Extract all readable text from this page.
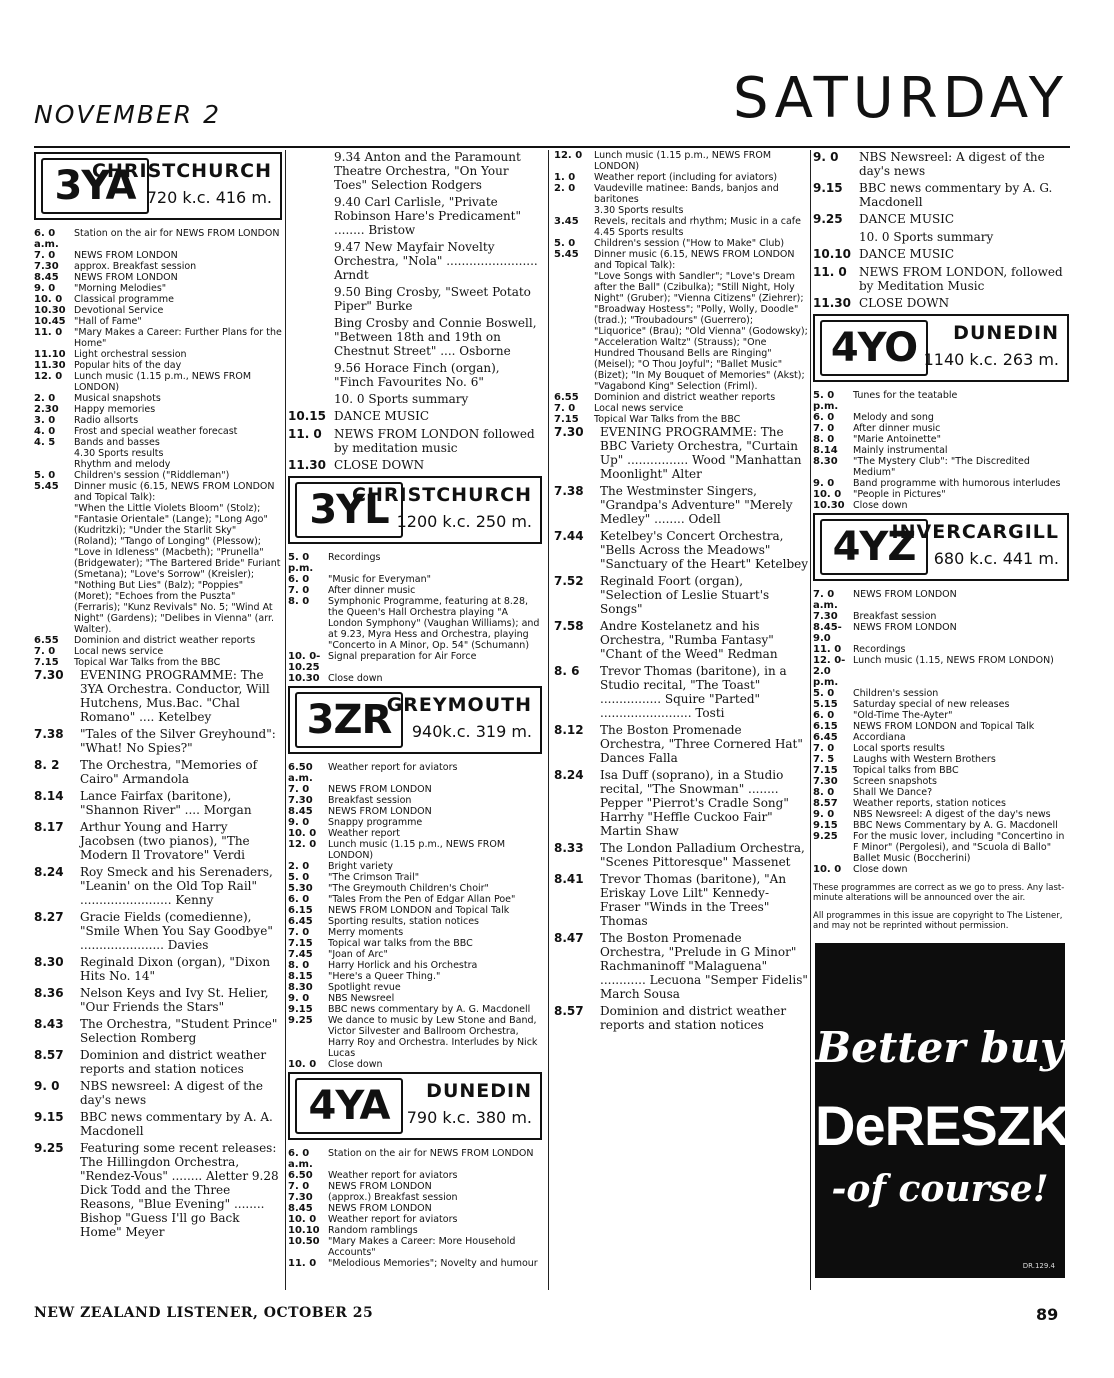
NOVEMBER 2	SATURDAY
3YA
CHRISTCHURCH
720 k.c. 416 m.
6. 0 a.m.
Station on the air for NEWS FROM LONDON
7. 0	NEWS FROM LONDON
7.30	approx. Breakfast session
8.45	NEWS FROM LONDON
9. 0	"Morning Melodies"
10. 0	Classical programme
10.30 Devotional Service
10.45 "Hall of Fame"
11. 0	"Mary Makes a Career: Further Plans for the Home"
11.10 Light orchestral session
11.30 Popular hits of the day
12. 0	Lunch music (1.15 p.m., NEWS FROM LONDON)
2. 0	Musical snapshots
2.30	Happy memories
3. 0	Radio allsorts
4. 0	Frost and special weather forecast
4. 5	Bands and basses
4.30 Sports results
Rhythm and melody
5. 0	Children's session ("Riddleman")
5.45	Dinner music (6.15, NEWS FROM LONDON and Topical Talk):
"When the Little Violets Bloom" (Stolz); "Fantasie Orientale" (Lange); "Long Ago" (Kudritzki); "Under the Starlit Sky" (Roland); "Tango of Longing" (Plessow); "Love in Idleness" (Macbeth); "Prunella" (Bridgewater); "The Bartered Bride" Furiant (Smetana); "Love's Sorrow" (Kreisler); "Nothing But Lies" (Balz); "Poppies" (Moret); "Echoes from the Puszta" (Ferraris); "Kunz Revivals" No. 5; "Wind At Night" (Gardens); "Delibes in Vienna" (arr. Walter).
6.55	Dominion and district weather reports
7. 0	Local news service
7.15	Topical War Talks from the BBC
7.30	EVENING PROGRAMME: The 3YA Orchestra. Conductor, Will Hutchens, Mus.Bac. "Chal Romano" .... Ketelbey
7.38	"Tales of the Silver Greyhound": "What! No Spies?"
8. 2	The Orchestra, "Memories of Cairo" Armandola
8.14	Lance Fairfax (baritone), "Shannon River" .... Morgan
8.17	Arthur Young and Harry Jacobsen (two pianos), "The Modern Il Trovatore" Verdi
8.24	Roy Smeck and his Serenaders, "Leanin' on the Old Top Rail" ........................ Kenny
8.27	Gracie Fields (comedienne), "Smile When You Say Goodbye" ...................... Davies
8.30	Reginald Dixon (organ), "Dixon Hits No. 14"
8.36	Nelson Keys and Ivy St. Helier, "Our Friends the Stars"
8.43	The Orchestra, "Student Prince" Selection Romberg
8.57	Dominion and district weather reports and station notices
9. 0	NBS newsreel: A digest of the day's news
9.15	BBC news commentary by A. A. Macdonell
9.25	Featuring some recent releases: The Hillingdon Orchestra, "Rendez-Vous" ........ Aletter 9.28 Dick Todd and the Three Reasons, "Blue Evening" ........ Bishop "Guess I'll go Back Home" Meyer
9.34 Anton and the Paramount Theatre Orchestra, "On Your Toes" Selection Rodgers
9.40 Carl Carlisle, "Private Robinson Hare's Predicament" ........ Bristow
9.47 New Mayfair Novelty Orchestra, "Nola" ........................ Arndt
9.50 Bing Crosby, "Sweet Potato Piper" Burke
Bing Crosby and Connie Boswell, "Between 18th and 19th on Chestnut Street" .... Osborne
9.56 Horace Finch (organ), "Finch Favourites No. 6"
10. 0 Sports summary
10.15 DANCE MUSIC
11. 0	NEWS FROM LONDON followed by meditation music
11.30 CLOSE DOWN
3YL
CHRISTCHURCH
1200 k.c. 250 m.
5. 0 p.m.
Recordings
6. 0	"Music for Everyman"
7. 0	After dinner music
8. 0	Symphonic Programme, featuring at 8.28, the Queen's Hall Orchestra playing "A London Symphony" (Vaughan Williams); and at 9.23, Myra Hess and Orchestra, playing "Concerto in A Minor, Op. 54" (Schumann)
10. 0-10.25
Signal preparation for Air Force
10.30 Close down
3ZR
GREYMOUTH
940k.c. 319 m.
6.50 a.m.
Weather report for aviators
7. 0	NEWS FROM LONDON
7.30	Breakfast session
8.45	NEWS FROM LONDON
9. 0	Snappy programme
10. 0	Weather report
12. 0	Lunch music (1.15 p.m., NEWS FROM LONDON)
2. 0	Bright variety
5. 0	"The Crimson Trail"
5.30	"The Greymouth Children's Choir"
6. 0	"Tales From the Pen of Edgar Allan Poe"
6.15	NEWS FROM LONDON and Topical Talk
6.45	Sporting results, station notices
7. 0	Merry moments
7.15	Topical war talks from the BBC
7.45	"Joan of Arc"
8. 0	Harry Horlick and his Orchestra
8.15	"Here's a Queer Thing."
8.30	Spotlight revue
9. 0	NBS Newsreel
9.15	BBC news commentary by A. G. Macdonell
9.25	We dance to music by Lew Stone and Band, Victor Silvester and Ballroom Orchestra, Harry Roy and Orchestra. Interludes by Nick Lucas
10. 0	Close down
4YA	DUNEDIN
790 k.c. 380 m.
6. 0 a.m.
Station on the air for NEWS FROM LONDON
6.50	Weather report for aviators
7. 0	NEWS FROM LONDON
7.30	(approx.) Breakfast session
8.45	NEWS FROM LONDON
10. 0	Weather report for aviators
10.10 Random ramblings
10.50 "Mary Makes a Career: More Household Accounts"
11. 0	"Melodious Memories"; Novelty and humour
12. 0	Lunch music (1.15 p.m., NEWS FROM LONDON)
1. 0	Weather report (including for aviators)
2. 0	Vaudeville matinee: Bands, banjos and baritones
3.30 Sports results
3.45	Revels, recitals and rhythm; Music in a cafe
4.45 Sports results
5. 0	Children's session ("How to Make" Club)
5.45	Dinner music (6.15, NEWS FROM LONDON and Topical Talk):
"Love Songs with Sandler"; "Love's Dream after the Ball" (Czibulka); "Still Night, Holy Night" (Gruber); "Vienna Citizens" (Ziehrer); "Broadway Hostess"; "Polly, Wolly, Doodle" (trad.); "Troubadours" (Guerrero); "Liquorice" (Brau); "Old Vienna" (Godowsky); "Acceleration Waltz" (Strauss); "One Hundred Thousand Bells are Ringing" (Meisel); "O Thou Joyful"; "Ballet Music" (Bizet); "In My Bouquet of Memories" (Akst); "Vagabond King" Selection (Friml).
6.55	Dominion and district weather reports
7. 0	Local news service
7.15	Topical War Talks from the BBC
7.30	EVENING PROGRAMME: The BBC Variety Orchestra, "Curtain Up" ................ Wood "Manhattan Moonlight" Alter
7.38	The Westminster Singers, "Grandpa's Adventure" "Merely Medley" ........ Odell
7.44	Ketelbey's Concert Orchestra, "Bells Across the Meadows" "Sanctuary of the Heart" Ketelbey
7.52	Reginald Foort (organ), "Selection of Leslie Stuart's Songs"
7.58	Andre Kostelanetz and his Orchestra, "Rumba Fantasy" "Chant of the Weed" Redman
8. 6	Trevor Thomas (baritone), in a Studio recital, "The Toast" ................ Squire "Parted" ........................ Tosti
8.12	The Boston Promenade Orchestra, "Three Cornered Hat" Dances Falla
8.24	Isa Duff (soprano), in a Studio recital, "The Snowman" ........ Pepper "Pierrot's Cradle Song" Harrhy "Heffle Cuckoo Fair" Martin Shaw
8.33	The London Palladium Orchestra, "Scenes Pittoresque" Massenet
8.41	Trevor Thomas (baritone), "An Eriskay Love Lilt" Kennedy-Fraser "Winds in the Trees" Thomas
8.47	The Boston Promenade Orchestra, "Prelude in G Minor" Rachmaninoff "Malaguena" ............ Lecuona "Semper Fidelis" March Sousa
8.57	Dominion and district weather reports and station notices
9. 0	NBS Newsreel: A digest of the day's news
9.15	BBC news commentary by A. G. Macdonell
9.25	DANCE MUSIC
10. 0 Sports summary
10.10 DANCE MUSIC
11. 0	NEWS FROM LONDON, followed by Meditation Music
11.30 CLOSE DOWN
4YO	DUNEDIN
1140 k.c. 263 m.
5. 0 p.m.
Tunes for the teatable
6. 0	Melody and song
7. 0	After dinner music
8. 0	"Marie Antoinette"
8.14	Mainly instrumental
8.30	"The Mystery Club": "The Discredited Medium"
9. 0	Band programme with humorous interludes
10. 0	"People in Pictures"
10.30 Close down
4YZ
INVERCARGILL
680 k.c. 441 m.
7. 0 a.m.
NEWS FROM LONDON
7.30	Breakfast session
8.45-9.0
NEWS FROM LONDON
11. 0	Recordings
12. 0-2.0 p.m.
Lunch music (1.15, NEWS FROM LONDON)
5. 0	Children's session
5.15	Saturday special of new releases
6. 0	"Old-Time The-Ayter"
6.15	NEWS FROM LONDON and Topical Talk
6.45	Accordiana
7. 0	Local sports results
7. 5	Laughs with Western Brothers
7.15	Topical talks from BBC
7.30	Screen snapshots
8. 0	Shall We Dance?
8.57	Weather reports, station notices
9. 0	NBS Newsreel: A digest of the day's news
9.15	BBC News Commentary by A. G. Macdonell
9.25	For the music lover, including "Concertino in F Minor" (Pergolesi), and "Scuola di Ballo" Ballet Music (Boccherini)
10. 0	Close down
These programmes are correct as we go to press. Any last-minute alterations will be announced over the air.
All programmes in this issue are copyright to The Listener, and may not be reprinted without permission.
Better buy
DeRESZKE
-of course!
DR.129.4
NEW ZEALAND LISTENER, OCTOBER 25	89
